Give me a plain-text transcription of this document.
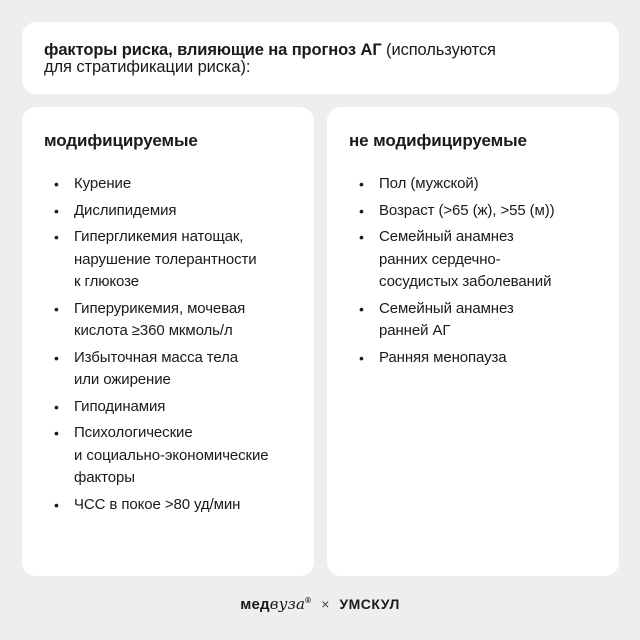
факторы риска, влияющие на прогноз АГ (используются
для стратификации риска):
модифицируемые
• Курение
• Дислипидемия
• Гипергликемия натощак,
нарушение толерантности
к глюкозе
• Гиперурикемия, мочевая
кислота ≥360 мкмоль/л
• Избыточная масса тела
или ожирение
• Гиподинамия
• Психологические
и социально-экономические
факторы
• ЧСС в покое >80 уд/мин
не модифицируемые
• Пол (мужской)
• Возраст (>65 (ж), >55 (м))
• Семейный анамнез
ранних сердечно-
сосудистых заболеваний
• Семейный анамнез
ранней АГ
• Ранняя менопауза
медвуза® × УМСКУЛ
